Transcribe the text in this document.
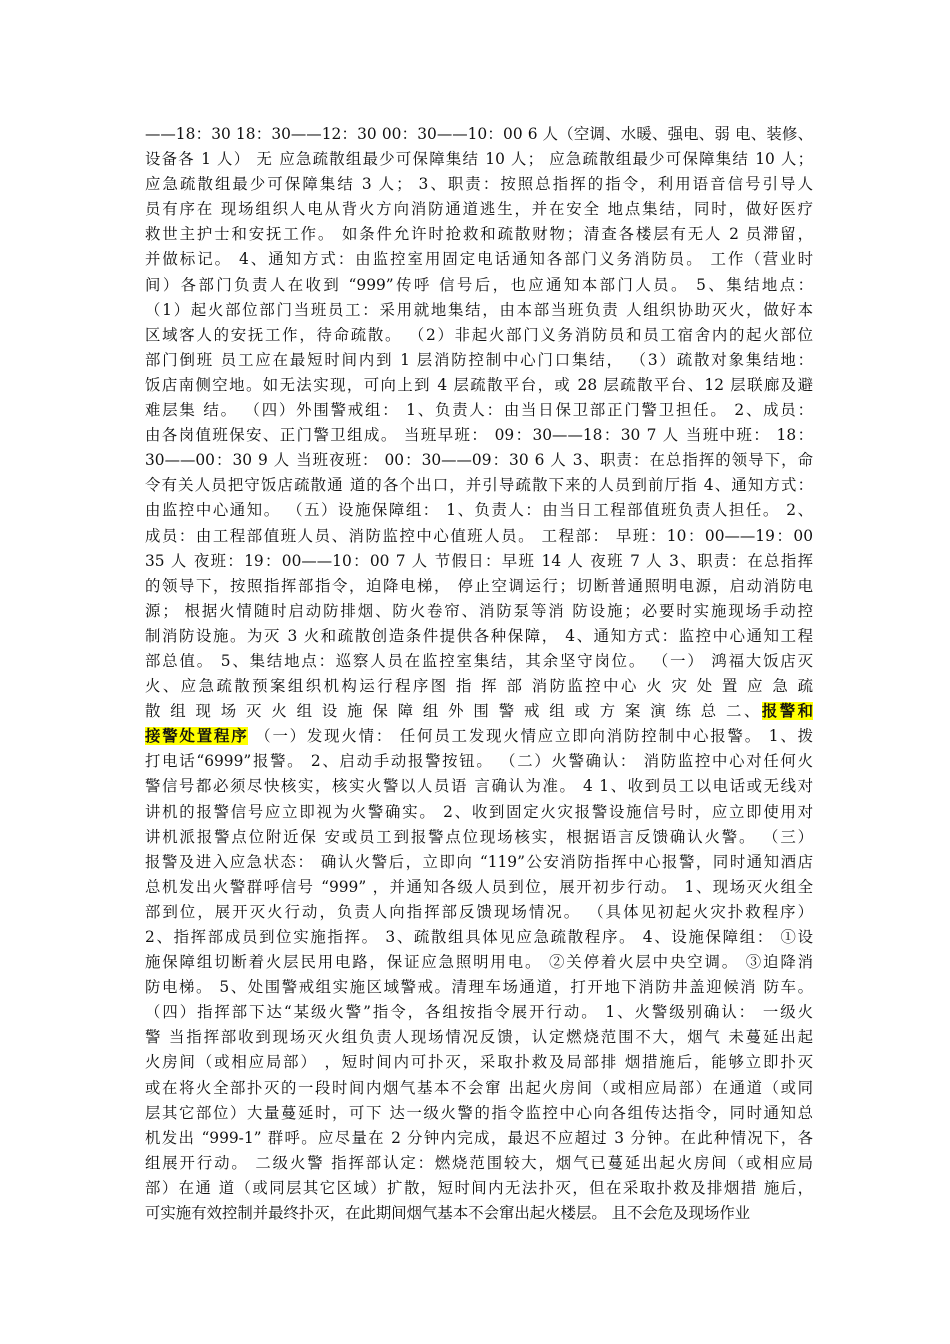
——18：30 18：30——12：30 00：30——10：00 6 人（空调、水暖、强电、弱 电、装修、
设备各 1 人） 无 应急疏散组最少可保障集结 10 人； 应急疏散组最少可保障集结 10 人；
应急疏散组最少可保障集结 3 人； 3、职责：按照总指挥的指令，利用语音信号引导人
员有序在 现场组织人电从背火方向消防通道逃生，并在安全 地点集结，同时，做好医疗
救世主护士和安抚工作。 如条件允许时抢救和疏散财物；清查各楼层有无人 2 员滞留，
并做标记。 4、通知方式：由监控室用固定电话通知各部门义务消防员。 工作（营业时
间）各部门负责人在收到 “999”传呼 信号后，也应通知本部门人员。 5、集结地点：
（1）起火部位部门当班员工：采用就地集结，由本部当班负责 人组织协助灭火，做好本
区域客人的安抚工作，待命疏散。 （2）非起火部门义务消防员和员工宿舍内的起火部位
部门倒班 员工应在最短时间内到 1 层消防控制中心门口集结， （3）疏散对象集结地：
饭店南侧空地。如无法实现，可向上到 4 层疏散平台，或 28 层疏散平台、12 层联廊及避
难层集 结。 （四）外围警戒组： 1、负责人：由当日保卫部正门警卫担任。 2、成员：
由各岗值班保安、正门警卫组成。 当班早班： 09：30——18：30 7 人 当班中班： 18：
30——00：30 9 人 当班夜班： 00：30——09：30 6 人 3、职责：在总指挥的领导下，命
令有关人员把守饭店疏散通 道的各个出口，并引导疏散下来的人员到前厅指 4、通知方式：
由监控中心通知。 （五）设施保障组： 1、负责人：由当日工程部值班负责人担任。 2、
成员：由工程部值班人员、消防监控中心值班人员。 工程部： 早班：10：00——19：00
35 人 夜班：19：00——10：00 7 人 节假日：早班 14 人 夜班 7 人 3、职责：在总指挥
的领导下，按照指挥部指令，迫降电梯， 停止空调运行；切断普通照明电源，启动消防电
源； 根据火情随时启动防排烟、防火卷帘、消防泵等消 防设施；必要时实施现场手动控
制消防设施。为灭 3 火和疏散创造条件提供各种保障， 4、通知方式：监控中心通知工程
部总值。 5、集结地点：巡察人员在监控室集结，其余坚守岗位。 （一） 鸿福大饭店灭
火、应急疏散预案组织机构运行程序图 指 挥 部 消防监控中心 火 灾 处 置 应 急 疏
散 组 现 场 灭 火 组 设 施 保 障 组 外 围 警 戒 组 或 方 案 演 练 总 二、报警和
接警处置程序 （一）发现火情： 任何员工发现火情应立即向消防控制中心报警。 1、拨
打电话“6999”报警。 2、启动手动报警按钮。 （二）火警确认： 消防监控中心对任何火
警信号都必须尽快核实，核实火警以人员语 言确认为准。 4 1、收到员工以电话或无线对
讲机的报警信号应立即视为火警确实。 2、收到固定火灾报警设施信号时，应立即使用对
讲机派报警点位附近保 安或员工到报警点位现场核实，根据语言反馈确认火警。 （三）
报警及进入应急状态： 确认火警后，立即向 “119”公安消防指挥中心报警，同时通知酒店
总机发出火警群呼信号 “999” ，并通知各级人员到位，展开初步行动。 1、现场灭火组全
部到位，展开灭火行动，负责人向指挥部反馈现场情况。 （具体见初起火灾扑救程序）
2、指挥部成员到位实施指挥。 3、疏散组具体见应急疏散程序。 4、设施保障组： ①设
施保障组切断着火层民用电路，保证应急照明用电。 ②关停着火层中央空调。 ③迫降消
防电梯。 5、处围警戒组实施区域警戒。清理车场通道，打开地下消防井盖迎候消 防车。
（四）指挥部下达“某级火警”指令，各组按指令展开行动。 1、火警级别确认： 一级火
警 当指挥部收到现场灭火组负责人现场情况反馈，认定燃烧范围不大，烟气 未蔓延出起
火房间（或相应局部） ，短时间内可扑灭，采取扑救及局部排 烟措施后，能够立即扑灭
或在将火全部扑灭的一段时间内烟气基本不会窜 出起火房间（或相应局部）在通道（或同
层其它部位）大量蔓延时，可下 达一级火警的指令监控中心向各组传达指令，同时通知总
机发出 “999-1” 群呼。应尽量在 2 分钟内完成，最迟不应超过 3 分钟。在此种情况下，各
组展开行动。 二级火警 指挥部认定：燃烧范围较大，烟气已蔓延出起火房间（或相应局
部）在通 道（或同层其它区域）扩散，短时间内无法扑灭，但在采取扑救及排烟措 施后，
可实施有效控制并最终扑灭，在此期间烟气基本不会窜出起火楼层。 且不会危及现场作业
